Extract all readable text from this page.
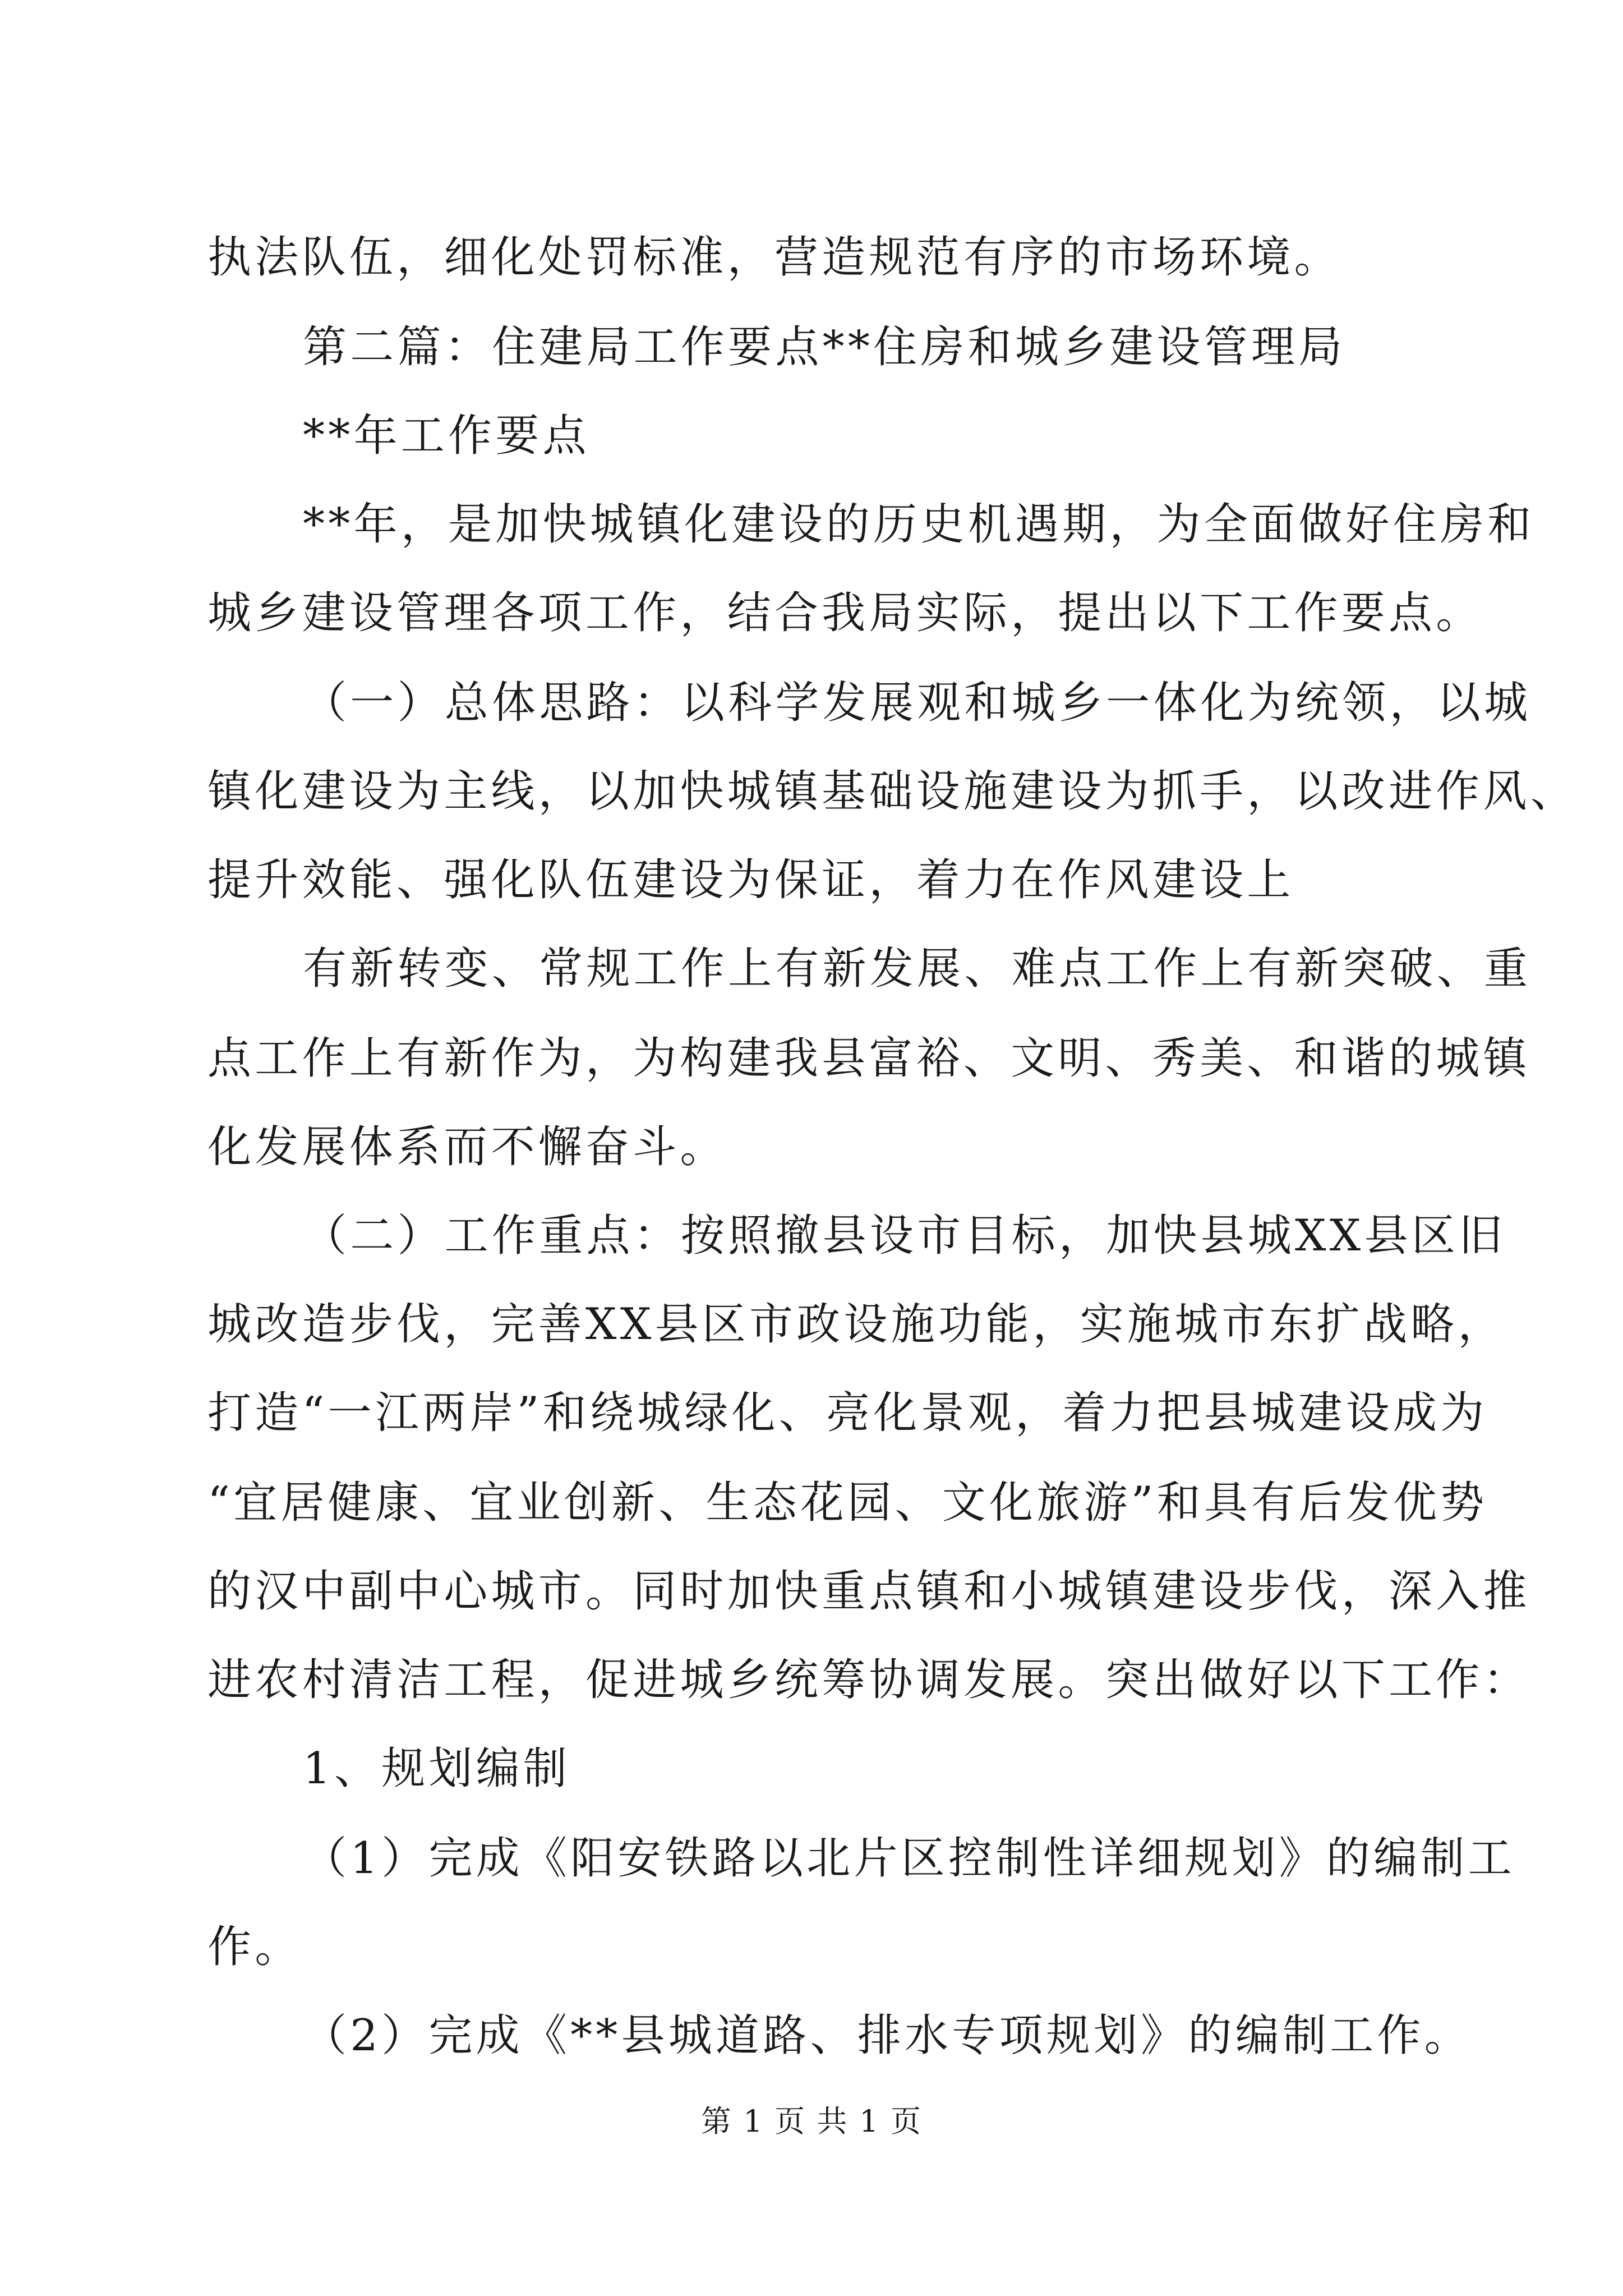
执法队伍，细化处罚标准，营造规范有序的市场环境。
第二篇：住建局工作要点**住房和城乡建设管理局
**年工作要点
**年，是加快城镇化建设的历史机遇期，为全面做好住房和
城乡建设管理各项工作，结合我局实际，提出以下工作要点。
（一）总体思路：以科学发展观和城乡一体化为统领，以城
镇化建设为主线，以加快城镇基础设施建设为抓手，以改进作风、
提升效能、强化队伍建设为保证，着力在作风建设上
有新转变、常规工作上有新发展、难点工作上有新突破、重
点工作上有新作为，为构建我县富裕、文明、秀美、和谐的城镇
化发展体系而不懈奋斗。
（二）工作重点：按照撤县设市目标，加快县城XX县区旧
城改造步伐，完善XX县区市政设施功能，实施城市东扩战略，
打造“一江两岸”和绕城绿化、亮化景观，着力把县城建设成为
“宜居健康、宜业创新、生态花园、文化旅游”和具有后发优势
的汉中副中心城市。同时加快重点镇和小城镇建设步伐，深入推
进农村清洁工程，促进城乡统筹协调发展。突出做好以下工作：
1、规划编制
（1）完成《阳安铁路以北片区控制性详细规划》的编制工
作。
（2）完成《**县城道路、排水专项规划》的编制工作。
第 1 页 共 1 页
